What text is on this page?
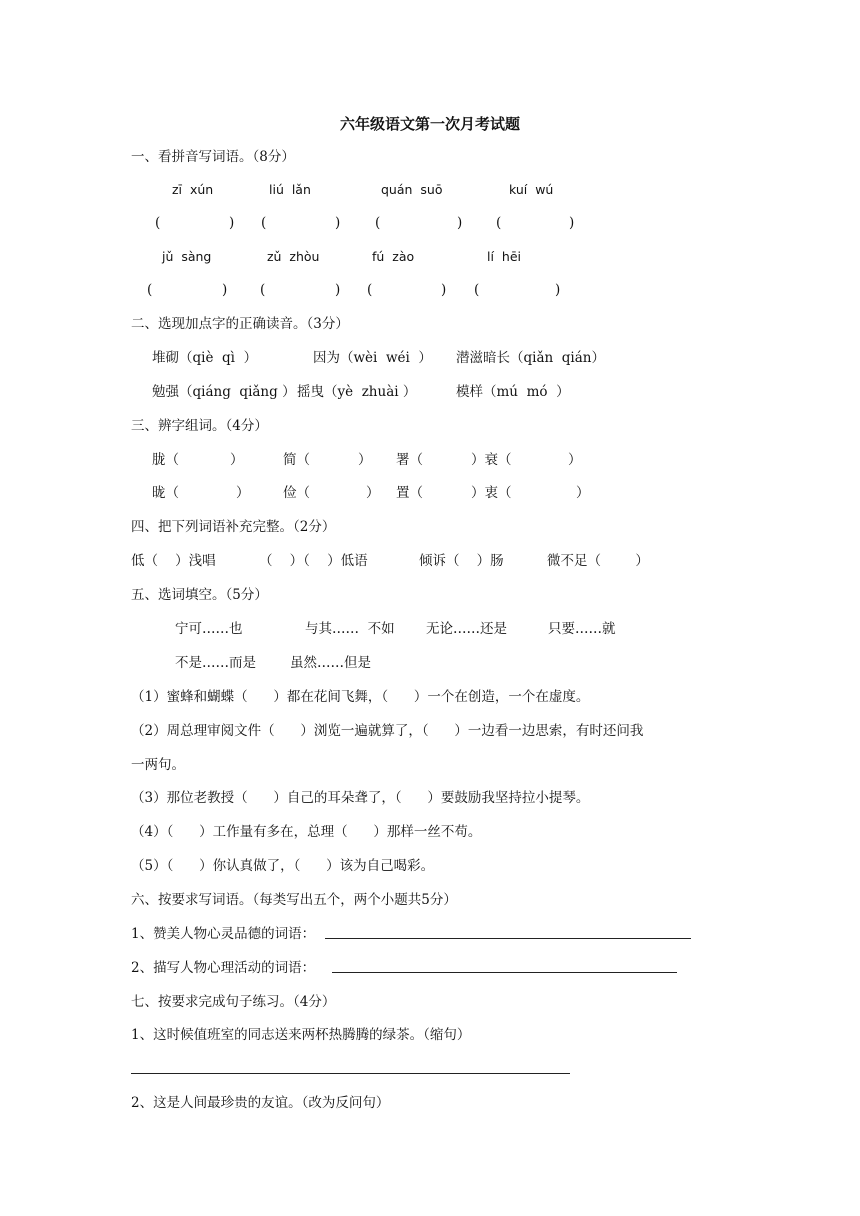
六年级语文第一次月考试题
一、看拼音写词语。（8分）
zī  xún	liú  lǎn	quán  suō	kuí  wú
(	) (	)	(	) (	)
jǔ  sàng	zǔ  zhòu	fú  zào	lí  hēi
(	) (	) (	) (	)
二、选现加点字的正确读音。（3分）
堆砌（qiè  qì  ）	因为（wèi  wéi  ） 潜滋暗长（qiǎn  qián）
勉强（qiáng  qiǎng ） 摇曳（yè  zhuài ）	模样（mú  mó  ）
三、辨字组词。（4分）
胧（	）	简（	） 署（	）衰（	）
昽（	） 俭（	） 置（	）衷（	）
四、把下列词语补充完整。（2分）
低（    ）浅唱	（    ）（    ）低语	倾诉（    ）肠	微不足（        ）
五、选词填空。（5分）
宁可……也	与其……  不如 无论……还是	只要……就
不是……而是	虽然……但是
（1）蜜蜂和蝴蝶（      ）都在花间飞舞，（      ）一个在创造，一个在虚度。
（2）周总理审阅文件（      ）浏览一遍就算了，（      ）一边看一边思索，有时还问我
一两句。
（3）那位老教授（      ）自己的耳朵聋了，（      ）要鼓励我坚持拉小提琴。
（4）（      ）工作量有多在，总理（      ）那样一丝不苟。
（5）（      ）你认真做了，（      ）该为自己喝彩。
六、按要求写词语。（每类写出五个，两个小题共5分）
1、赞美人物心灵品德的词语：
2、描写人物心理活动的词语：
七、按要求完成句子练习。（4分）
1、这时候值班室的同志送来两杯热腾腾的绿茶。（缩句）
2、这是人间最珍贵的友谊。（改为反问句）
